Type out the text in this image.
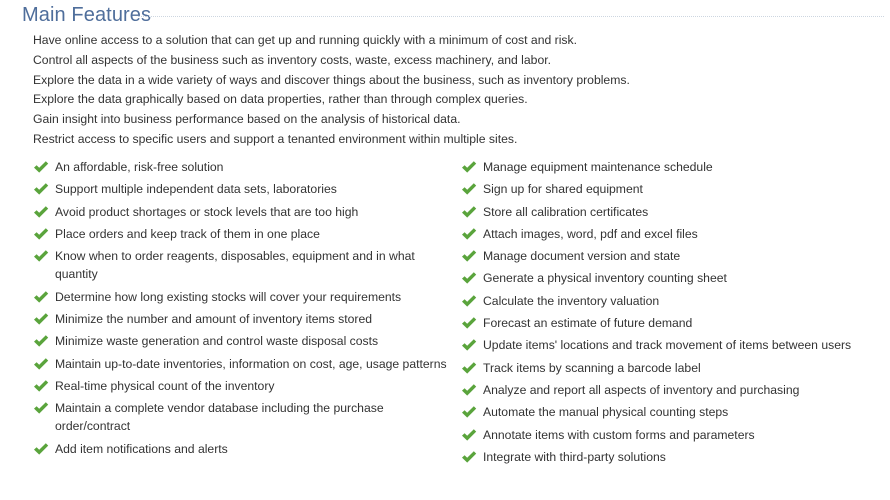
Main Features
Have online access to a solution that can get up and running quickly with a minimum of cost and risk.
Control all aspects of the business such as inventory costs, waste, excess machinery, and labor.
Explore the data in a wide variety of ways and discover things about the business, such as inventory problems.
Explore the data graphically based on data properties, rather than through complex queries.
Gain insight into business performance based on the analysis of historical data.
Restrict access to specific users and support a tenanted environment within multiple sites.
An affordable, risk-free solution
Support multiple independent data sets, laboratories
Avoid product shortages or stock levels that are too high
Place orders and keep track of them in one place
Know when to order reagents, disposables, equipment and in what quantity
Determine how long existing stocks will cover your requirements
Minimize the number and amount of inventory items stored
Minimize waste generation and control waste disposal costs
Maintain up-to-date inventories, information on cost, age, usage patterns
Real-time physical count of the inventory
Maintain a complete vendor database including the purchase order/contract
Add item notifications and alerts
Manage equipment maintenance schedule
Sign up for shared equipment
Store all calibration certificates
Attach images, word, pdf and excel files
Manage document version and state
Generate a physical inventory counting sheet
Calculate the inventory valuation
Forecast an estimate of future demand
Update items' locations and track movement of items between users
Track items by scanning a barcode label
Analyze and report all aspects of inventory and purchasing
Automate the manual physical counting steps
Annotate items with custom forms and parameters
Integrate with third-party solutions
